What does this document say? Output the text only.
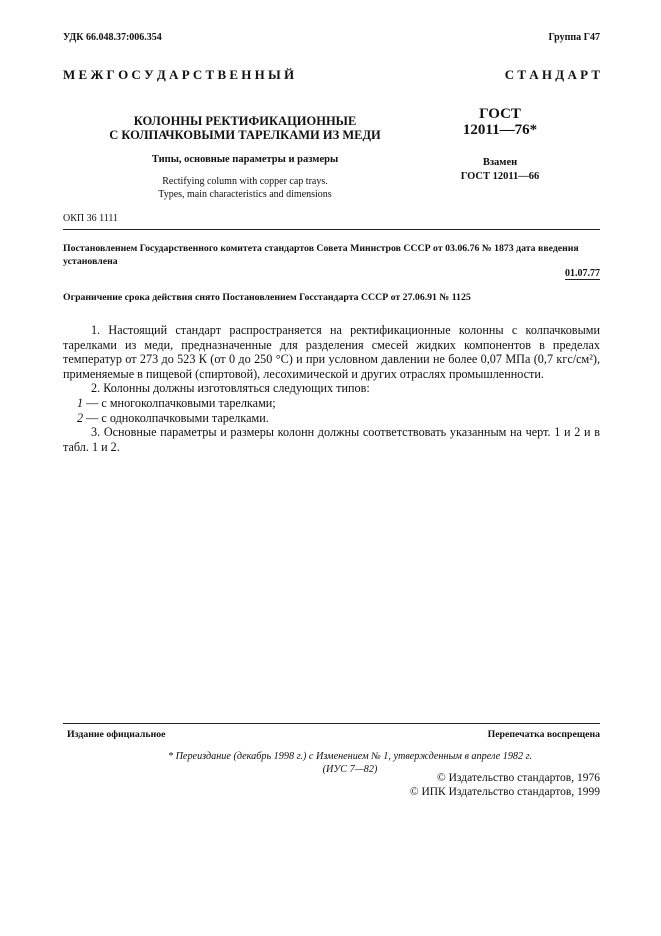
УДК 66.048.37:006.354	Группа Г47
М Е Ж Г О С У Д А Р С Т В Е Н Н Ы Й	С Т А Н Д А Р Т
КОЛОННЫ РЕКТИФИКАЦИОННЫЕ
С КОЛПАЧКОВЫМИ ТАРЕЛКАМИ ИЗ МЕДИ
Типы, основные параметры и размеры
Rectifying column with copper cap trays.
Types, main characteristics and dimensions
ГОСТ
12011—76*
Взамен
ГОСТ 12011—66
ОКП 36 1111
Постановлением Государственного комитета стандартов Совета Министров СССР от 03.06.76 № 1873 дата введения установлена
01.07.77
Ограничение срока действия снято Постановлением Госстандарта СССР от 27.06.91 № 1125

1. Настоящий стандарт распространяется на ректификационные колонны с колпачковыми тарелками из меди, предназначенные для разделения смесей жидких компонентов в пределах температур от 273 до 523 К (от 0 до 250 °С) и при условном давлении не более 0,07 МПа (0,7 кгс/см²), применяемые в пищевой (спиртовой), лесохимической и других отраслях промышленности.

2. Колонны должны изготовляться следующих типов:

1 — с многоколпачковыми тарелками;

2 — с одноколпачковыми тарелками.

3. Основные параметры и размеры колонн должны соответствовать указанным на черт. 1 и 2 и в табл. 1 и 2.

Издание официальное	Перепечатка воспрещена
* Переиздание (декабрь 1998 г.) с Изменением № 1, утвержденным в апреле 1982 г.
(ИУС 7—82)
© Издательство стандартов, 1976
© ИПК Издательство стандартов, 1999
